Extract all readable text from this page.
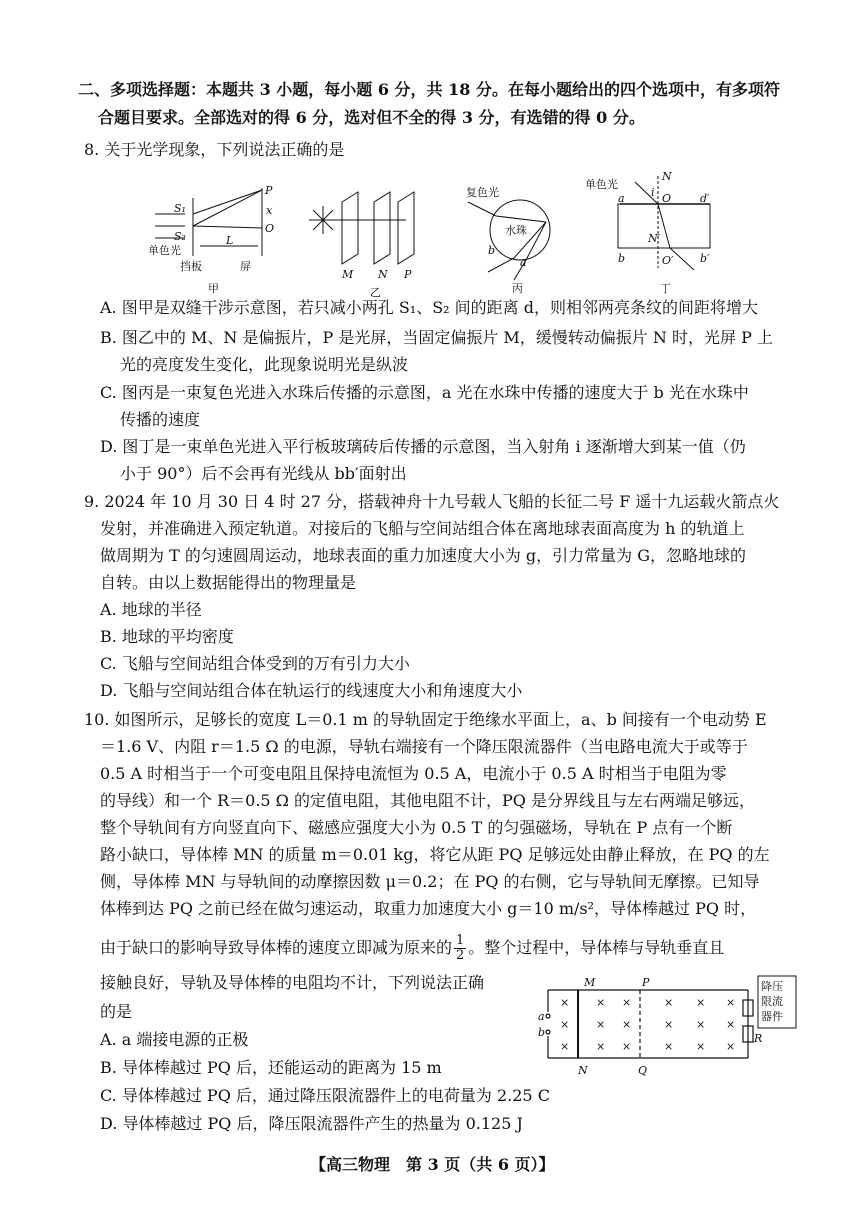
二、多项选择题：本题共 3 小题，每小题 6 分，共 18 分。在每小题给出的四个选项中，有多项符
合题目要求。全部选对的得 6 分，选对但不全的得 3 分，有选错的得 0 分。
8. 关于光学现象，下列说法正确的是
P
x
O
S₁
S₂
单色光
L
挡板	屏
甲
M N P
乙
复色光
水珠
b
a
丙
单色光
N
i O
a	d′
N′
b	O′ b′
丁
A. 图甲是双缝干涉示意图，若只减小两孔 S₁、S₂ 间的距离 d，则相邻两亮条纹的间距将增大
B. 图乙中的 M、N 是偏振片，P 是光屏，当固定偏振片 M，缓慢转动偏振片 N 时，光屏 P 上
光的亮度发生变化，此现象说明光是纵波
C. 图丙是一束复色光进入水珠后传播的示意图，a 光在水珠中传播的速度大于 b 光在水珠中
传播的速度
D. 图丁是一束单色光进入平行板玻璃砖后传播的示意图，当入射角 i 逐渐增大到某一值（仍
小于 90°）后不会再有光线从 bb′面射出
9. 2024 年 10 月 30 日 4 时 27 分，搭载神舟十九号载人飞船的长征二号 F 遥十九运载火箭点火
发射，并准确进入预定轨道。对接后的飞船与空间站组合体在离地球表面高度为 h 的轨道上
做周期为 T 的匀速圆周运动，地球表面的重力加速度大小为 g，引力常量为 G，忽略地球的
自转。由以上数据能得出的物理量是
A. 地球的半径
B. 地球的平均密度
C. 飞船与空间站组合体受到的万有引力大小
D. 飞船与空间站组合体在轨运行的线速度大小和角速度大小
10. 如图所示，足够长的宽度 L＝0.1 m 的导轨固定于绝缘水平面上，a、b 间接有一个电动势 E
＝1.6 V、内阻 r＝1.5 Ω 的电源，导轨右端接有一个降压限流器件（当电路电流大于或等于
0.5 A 时相当于一个可变电阻且保持电流恒为 0.5 A，电流小于 0.5 A 时相当于电阻为零
的导线）和一个 R＝0.5 Ω 的定值电阻，其他电阻不计，PQ 是分界线且与左右两端足够远，
整个导轨间有方向竖直向下、磁感应强度大小为 0.5 T 的匀强磁场，导轨在 P 点有一个断
路小缺口，导体棒 MN 的质量 m＝0.01 kg，将它从距 PQ 足够远处由静止释放，在 PQ 的左
侧，导体棒 MN 与导轨间的动摩擦因数 μ＝0.2；在 PQ 的右侧，它与导轨间无摩擦。已知导
体棒到达 PQ 之前已经在做匀速运动，取重力加速度大小 g＝10 m/s²，导体棒越过 PQ 时，
由于缺口的影响导致导体棒的速度立即减为原来的 $\frac{1}{2}$ 。整个过程中，导体棒与导轨垂直且
接触良好，导轨及导体棒的电阻均不计，下列说法正确
的是
A. a 端接电源的正极
B. 导体棒越过 PQ 后，还能运动的距离为 15 m
C. 导体棒越过 PQ 后，通过降压限流器件上的电荷量为 2.25 C
D. 导体棒越过 PQ 后，降压限流器件产生的热量为 0.125 J
降压
限流
器件
R
M
N
P
Q
a
b
× × ×	× × ×
× × ×	× × ×
× × ×	× × ×
【高三物理　第 3 页（共 6 页）】
